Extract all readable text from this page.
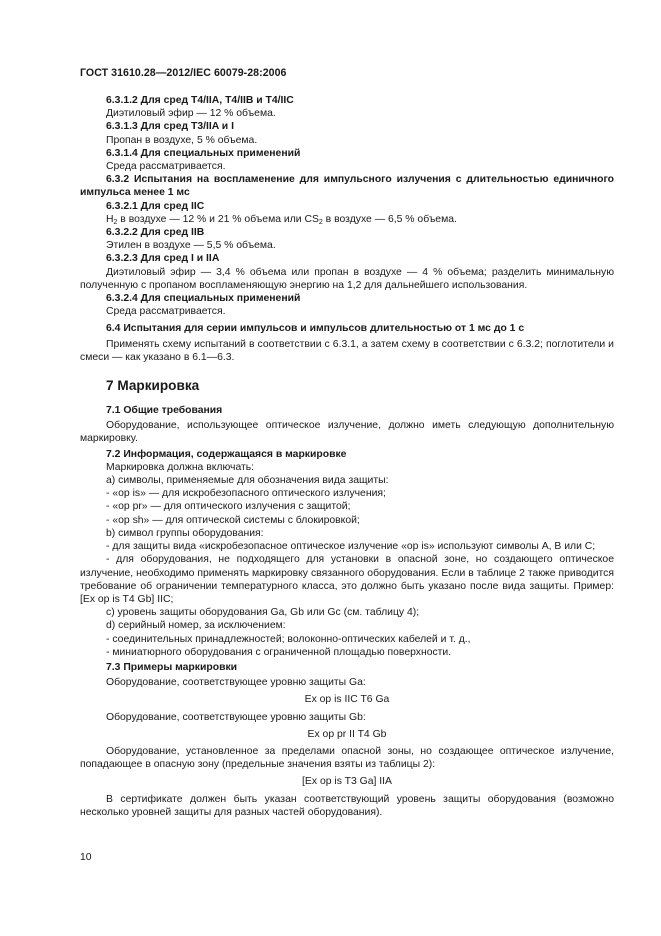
ГОСТ 31610.28—2012/IEC 60079-28:2006
6.3.1.2 Для сред T4/IIA, T4/IIB и T4/IIC
Диэтиловый эфир — 12 % объема.
6.3.1.3 Для сред T3/IIA и I
Пропан в воздухе, 5 % объема.
6.3.1.4 Для специальных применений
Среда рассматривается.
6.3.2 Испытания на воспламенение для импульсного излучения с длительностью единичного импульса менее 1 мс
6.3.2.1 Для сред IIC
$H_2$ в воздухе — 12 % и 21 % объема или $CS_2$ в воздухе — 6,5 % объема.
6.3.2.2 Для сред IIB
Этилен в воздухе — 5,5 % объема.
6.3.2.3 Для сред I и IIA
Диэтиловый эфир — 3,4 % объема или пропан в воздухе — 4 % объема; разделить минимальную полученную с пропаном воспламеняющую энергию на 1,2 для дальнейшего использования.
6.3.2.4 Для специальных применений
Среда рассматривается.
6.4 Испытания для серии импульсов и импульсов длительностью от 1 мс до 1 с
Применять схему испытаний в соответствии с 6.3.1, а затем схему в соответствии с 6.3.2; поглотители и смеси — как указано в 6.1—6.3.
7 Маркировка
7.1 Общие требования
Оборудование, использующее оптическое излучение, должно иметь следующую дополнительную маркировку.
7.2 Информация, содержащаяся в маркировке
Маркировка должна включать:
a) символы, применяемые для обозначения вида защиты:
- «op is» — для искробезопасного оптического излучения;
- «op pr» — для оптического излучения с защитой;
- «op sh» — для оптической системы с блокировкой;
b) символ группы оборудования:
- для защиты вида «искробезопасное оптическое излучение «op is» используют символы А, В или С;
- для оборудования, не подходящего для установки в опасной зоне, но создающего оптическое излучение, необходимо применять маркировку связанного оборудования. Если в таблице 2 также приводится требование об ограничении температурного класса, это должно быть указано после вида защиты. Пример: [Ex op is T4 Gb] IIC;
c) уровень защиты оборудования Ga, Gb или Gc (см. таблицу 4);
d) серийный номер, за исключением:
- соединительных принадлежностей; волоконно-оптических кабелей и т. д.,
- миниатюрного оборудования с ограниченной площадью поверхности.
7.3 Примеры маркировки
Оборудование, соответствующее уровню защиты Ga:
Ex op is IIC T6 Ga
Оборудование, соответствующее уровню защиты Gb:
Ex op pr II T4 Gb
Оборудование, установленное за пределами опасной зоны, но создающее оптическое излучение, попадающее в опасную зону (предельные значения взяты из таблицы 2):
[Ex op is T3 Ga] IIA
В сертификате должен быть указан соответствующий уровень защиты оборудования (возможно несколько уровней защиты для разных частей оборудования).
10
